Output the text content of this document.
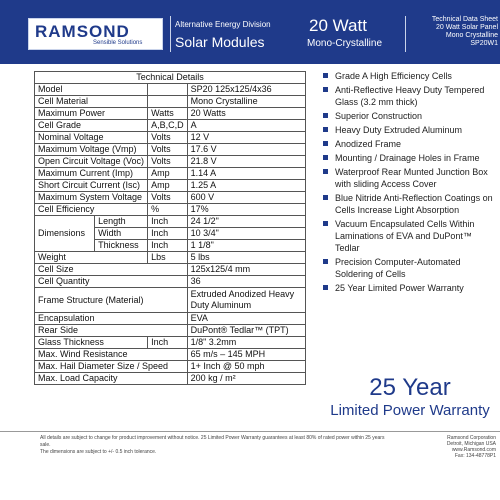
RAMSOND
Sensible Solutions
Alternative Energy Division
Solar Modules
20 Watt
Mono-Crystalline
Technical Data Sheet
20 Watt Solar Panel
Mono Crystalline
SP20W1
Technical Details			
Model			SP20 125x125/4x36
Cell Material			Mono Crystalline
Maximum Power		Watts	20 Watts
Cell Grade		A,B,C,D	A
Nominal Voltage		Volts	12 V
Maximum Voltage (Vmp)		Volts	17.6 V
Open Circuit Voltage (Voc)		Volts	21.8 V
Maximum Current (Imp)		Amp	1.14 A
Short Circuit Current (Isc)		Amp	1.25 A
Maximum System Voltage		Volts	600 V
Cell Efficiency		%	17%
Dimensions	Length	Inch	24 1/2"
	Width	Inch	10 3/4"
	Thickness	Inch	1 1/8"
Weight		Lbs	5 lbs
Cell Size			125x125/4 mm
Cell Quantity			36
Frame Structure (Material)			Extruded Anodized Heavy Duty Aluminum
Encapsulation			EVA
Rear Side			DuPont® Tedlar™ (TPT)
Glass Thickness		Inch	1/8" 3.2mm
Max. Wind Resistance			65 m/s – 145 MPH
Max. Hail Diameter Size / Speed			1+ Inch @ 50 mph
Max. Load Capacity			200 kg / m²
Grade A High Efficiency Cells
Anti-Reflective Heavy Duty Tempered Glass (3.2 mm thick)
Superior Construction
Heavy Duty Extruded Aluminum
Anodized Frame
Mounting / Drainage Holes in Frame
Waterproof Rear Munted Junction Box with sliding Access Cover
Blue Nitride Anti-Reflection Coatings on Cells Increase Light Absorption
Vacuum Encapsulated Cells Within Laminations of EVA and DuPont™ Tedlar
Precision Computer-Automated Soldering of Cells
25 Year Limited Power Warranty
25 Year
Limited Power Warranty
All details are subject to change for product improvement without notice. 25 Limited Power Warranty guarantees at least 80% of rated power within 25 years sale.
The dimensions are subject to +/- 0.5 inch tolerance.
Ramsond Corporation
Detroit, Michigan USA
www.Ramsond.com
Fax: 134-48778P1
